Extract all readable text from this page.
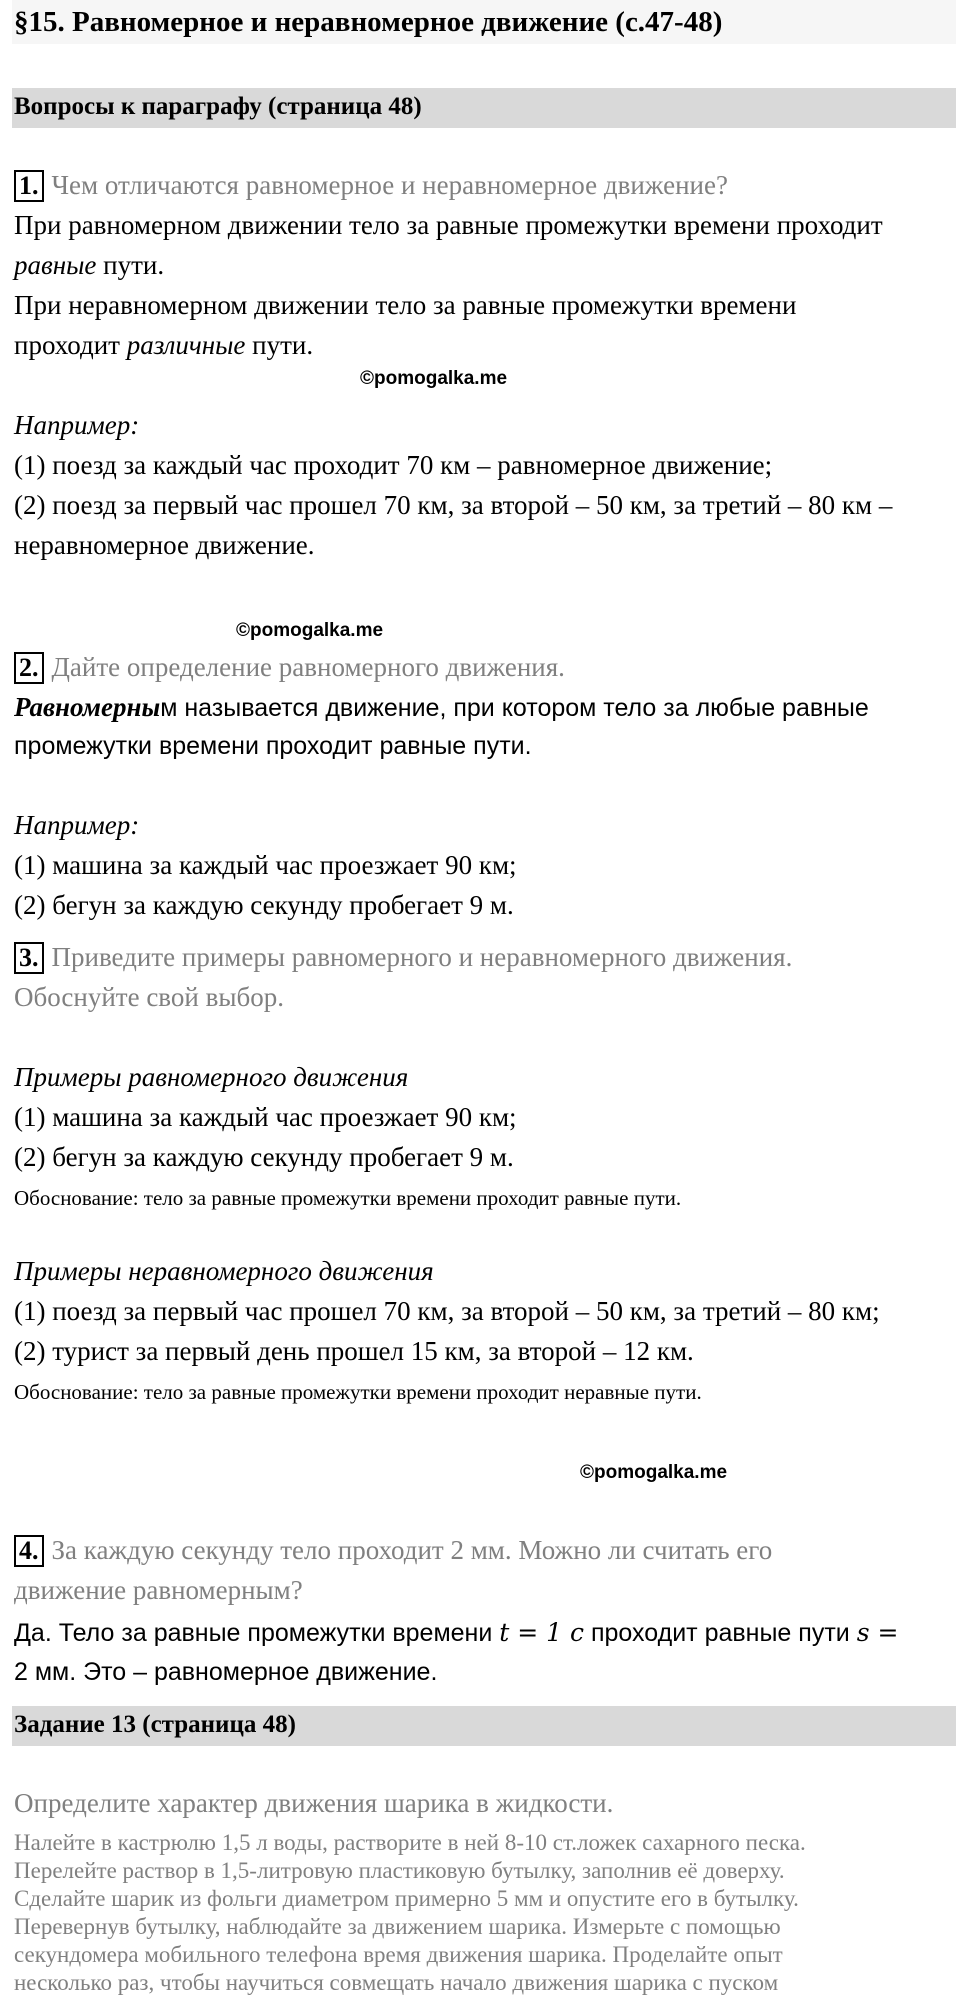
§15. Равномерное и неравномерное движение (с.47-48)
Вопросы к параграфу (страница 48)
1. Чем отличаются равномерное и неравномерное движение?
При равномерном движении тело за равные промежутки времени проходит
равные пути.
При неравномерном движении тело за равные промежутки времени
проходит различные пути.
©pomogalka.me
Например:
(1) поезд за каждый час проходит 70 км – равномерное движение;
(2) поезд за первый час прошел 70 км, за второй – 50 км, за третий – 80 км –
неравномерное движение.
©pomogalka.me
2. Дайте определение равномерного движения.
Равномерным называется движение, при котором тело за любые равные
промежутки времени проходит равные пути.
Например:
(1) машина за каждый час проезжает 90 км;
(2) бегун за каждую секунду пробегает 9 м.
3. Приведите примеры равномерного и неравномерного движения.
Обоснуйте свой выбор.
Примеры равномерного движения
(1) машина за каждый час проезжает 90 км;
(2) бегун за каждую секунду пробегает 9 м.
Обоснование: тело за равные промежутки времени проходит равные пути.
Примеры неравномерного движения
(1) поезд за первый час прошел 70 км, за второй – 50 км, за третий – 80 км;
(2) турист за первый день прошел 15 км, за второй – 12 км.
Обоснование: тело за равные промежутки времени проходит неравные пути.
©pomogalka.me
4. За каждую секунду тело проходит 2 мм. Можно ли считать его
движение равномерным?
Да. Тело за равные промежутки времени t = 1 c проходит равные пути s =
2 мм. Это – равномерное движение.
Задание 13 (страница 48)
Определите характер движения шарика в жидкости.
Налейте в кастрюлю 1,5 л воды, растворите в ней 8-10 ст.ложек сахарного песка.
Перелейте раствор в 1,5-литровую пластиковую бутылку, заполнив её доверху.
Сделайте шарик из фольги диаметром примерно 5 мм и опустите его в бутылку.
Перевернув бутылку, наблюдайте за движением шарика. Измерьте с помощью
секундомера мобильного телефона время движения шарика. Проделайте опыт
несколько раз, чтобы научиться совмещать начало движения шарика с пуском
